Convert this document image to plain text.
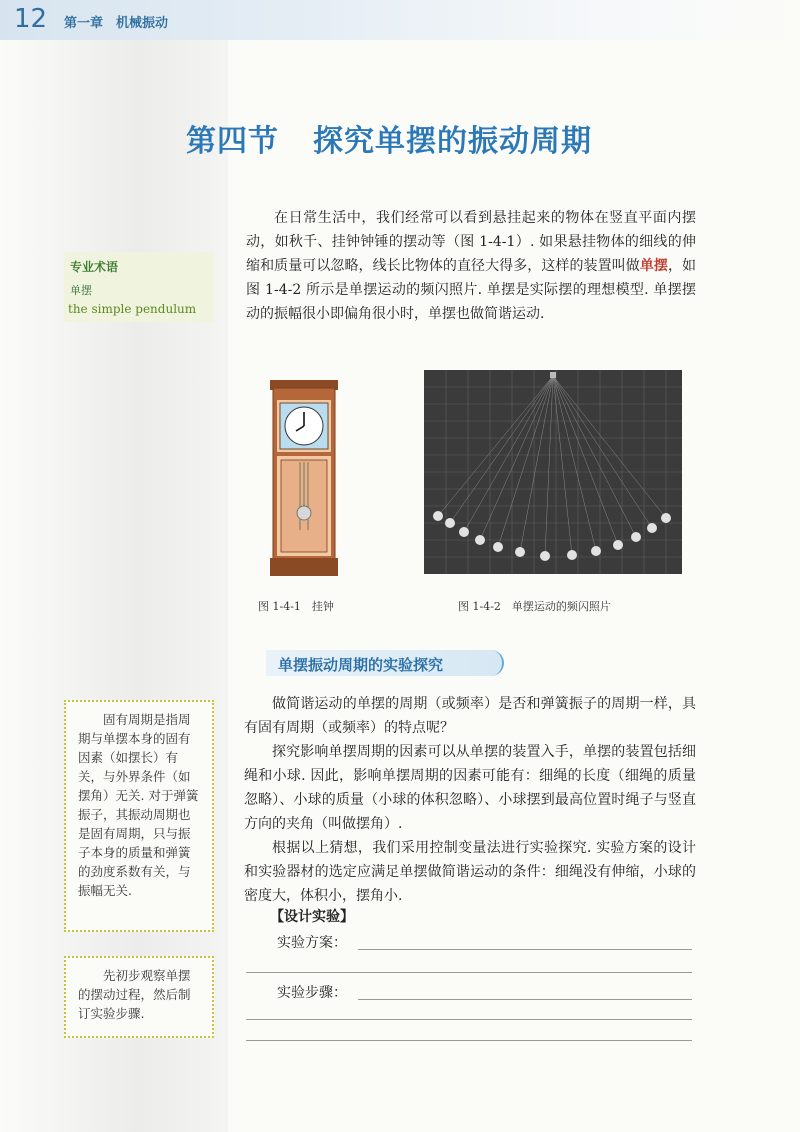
12 第一章　机械振动
第四节 探究单摆的振动周期

在日常生活中，我们经常可以看到悬挂起来的物体在竖直平面内摆动，如秋千、挂钟钟锤的摆动等（图 1-4-1）. 如果悬挂物体的细线的伸缩和质量可以忽略，线长比物体的直径大得多，这样的装置叫做单摆，如图 1-4-2 所示是单摆运动的频闪照片. 单摆是实际摆的理想模型. 单摆摆动的振幅很小即偏角很小时，单摆也做简谐运动.

专业术语
单摆
the simple pendulum
图 1-4-1　挂钟	图 1-4-2　单摆运动的频闪照片
单摆振动周期的实验探究

做简谐运动的单摆的周期（或频率）是否和弹簧振子的周期一样，具有固有周期（或频率）的特点呢？

探究影响单摆周期的因素可以从单摆的装置入手，单摆的装置包括细绳和小球. 因此，影响单摆周期的因素可能有：细绳的长度（细绳的质量忽略）、小球的质量（小球的体积忽略）、小球摆到最高位置时绳子与竖直方向的夹角（叫做摆角）.

根据以上猜想，我们采用控制变量法进行实验探究. 实验方案的设计和实验器材的选定应满足单摆做简谐运动的条件：细绳没有伸缩，小球的密度大，体积小，摆角小.

【设计实验】
实验方案：
实验步骤：

固有周期是指周期与单摆本身的固有因素（如摆长）有关，与外界条件（如摆角）无关. 对于弹簧振子，其振动周期也是固有周期，只与振子本身的质量和弹簧的劲度系数有关，与振幅无关.

先初步观察单摆的摆动过程，然后制订实验步骤.
